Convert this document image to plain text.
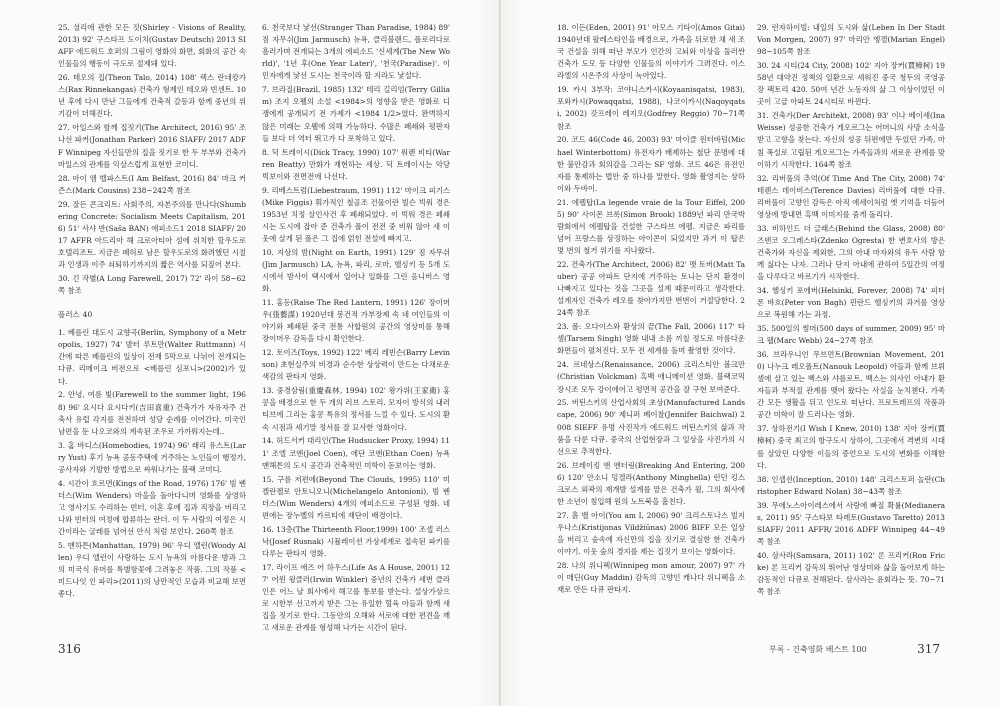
25. 셜리에 관한 모든 것(Shirley - Visions of Reality, 2013) 92' 구스타프 도이치(Gustav Deutsch) 2013 SIAFF 에드워드 호퍼의 그림이 영화의 화면, 회화의 공간 속 인물들의 행동이 극도로 절제돼 있다.

26. 테오의 집(Theon Talo, 2014) 108' 렉스 란네캉가스(Rax Rinnekangas) 건축가 형제인 테오와 빈센트. 10년 후에 다시 만난 그들에게 건축적 갈등과 함께 중년의 위기감이 더해진다.

27. 아일스와 함께 집짓기(The Architect, 2016) 95' 조나선 파커(Jonathan Parker) 2016 SIAFF/ 2017 ADFF Winnipeg 자신들만의 집을 짓기로 한 두 부부와 건축가 마일스의 관계를 익살스럽게 표현한 코미디.

28. 아이 엠 벨파스트(I Am Belfast, 2016) 84' 마크 커즌스(Mark Cousins) 238~242쪽 참조

29. 잘든 콘크리트: 사회주의, 자본주의를 만나다(Shumbering Concrete: Socialism Meets Capitalism, 2016) 51' 사샤 반(Saša BAN) 에피소드1 2018 SIAFF/ 2017 AFFR 아드리아 해 크로아티아 섬에 위치한 할우도로 호텔리조트. 지금은 폐허로 남은 할우도로의 화려했던 시절과 인생과 이주 쇠퇴하기까지의 짧은 역사를 되짚어 본다.

30. 긴 작별(A Long Farewell, 2017) 72' 라이 58~62쪽 참조

플러스 40

1. 베를린 대도시 교향곡(Berlin, Symphony of a Metropolis, 1927) 74' 발터 루트만(Walter Ruttmann) 시간에 따른 베를린의 일상이 전재 5막으로 나뉘어 전개되는 다큐. 리메이크 버전으로 <베를린 심포니>(2002)가 있다.

2. 안녕, 여름 빛(Farewell to the summer light, 1968) 96' 요시다 요시다키(吉田喜重) 건축가가 자유자주 건축사 유럽 각지를 전전하며 성당 순례를 이어간다. 미국인 남편을 둔 나오코와의 계속된 조우로 가까워지는데..

3. 홈 바디스(Homebodies, 1974) 96' 래리 유스트(Larry Yust) 후기 뉴욕 공동주택에 거주하는 노인들이 행정가, 공사자와 기발한 방법으로 싸워나가는 블랙 코미디.

4. 시간이 흐르면(Kings of the Road, 1976) 176' 빔 벤더스(Wim Wenders) 마을을 돌아다니며 영화를 상영하고 영사기도 수리하는 빈터, 이혼 후에 집과 직장을 버리고 나와 빈터의 여정에 합류하는 란더. 이 두 사람의 여정은 시간이라는 굴레를 넘어선 안식 처럼 보인다. 260쪽 참조

5. 맨하튼(Manhattan, 1979) 96' 우디 앨런(Woody Allen) 우디 앨런이 사랑하는 도시 뉴욕의 아름다운 밤과 그의 미국식 유머를 특별함꽃에 그려놓은 작품. 그의 작품 <미드나잇 인 파리>(2011)의 낭만적인 모습과 비교해 보면 좋다.

6. 천국보다 낯선(Stranger Than Paradise, 1984) 89' 짐 자무쉬(Jim Jarmusch) 뉴욕, 클리블랜드, 플로리다로 흘러가며 전개되는 3개의 에피소드 '신세계(The New World)', '1년 후(One Year Later)', '천국(Paradise)'. 이민자에게 낯선 도시는 천국이라 할 지라도 낯설다.

7. 브라질(Brazil, 1985) 132' 테리 길리엄(Terry Gilliam) 조지 오웰의 소설 <1984>의 영향을 받은 영화로 디쟁에게 공개되기 전 가제가 <1984 1/2>였다. 완벽하지 않은 미래는 오웰에 의해 가능하다. 수많은 폐쇄와 평판자들 보다 더 역터 뛰고가 다 포착하고 있다.

8. 딕 트레이시(Dick Tracy, 1990) 107' 워렌 비티(Warren Beatty) 만화가 재현하는 세상. 딕 트레이시는 악당 빅보이와 전면전에 나선다.

9. 리베스트럼(Liebestraum, 1991) 112' 마이크 피기스(Mike Figgis) 휘가적인 철골조 건물이란 빌슨 빅워 경은 1953년 치정 살인사건 후 폐쇄되었다. 이 빅워 경은 페쇄시는 도시에 잡아 준 건축가 폴이 전전 중 비워 않아 새 이웃에 살게 된 폴은 그 집에 얽힌 전설에 빠지고.

10. 지상의 밤(Night on Earth, 1991) 129' 짐 자무쉬(Jim Jarmusch) LA, 뉴욕, 파리, 로마, 헬싱키 등 5개 도시에서 밤사이 택시에서 일어나 일화를 그린 옴니버스 영화.

11. 홍등(Raise The Red Lantern, 1991) 126' 장이머우(張藝謀) 1920년대 봉건적 가부장제 속 네 여인들의 이야기와 폐쇄된 중국 전통 사합원의 공간의 영상미를 통해 장이머우 감독을 다시 확인한다.

12. 토이즈(Toys, 1992) 122' 베리 레빈슨(Barry Levinson) 초현실주의 비경과 순수한 상상력이 만드는 다채로운 색감의 판타지 영화.

13. 중경삼림(重慶森林, 1994) 102' 왕가위(王家衛) 홍콩을 배경으로 한 두 개의 러브 스토리. 모자이 방식의 내러티브에 그리는 홍콩 특유의 정서를 느낄 수 있다. 도시의 환속 시점과 세기말 정서를 잘 묘사한 영화이다.

14. 허드서커 대리인(The Hudsucker Proxy, 1994) 111' 조엘 코엔(Joel Coen), 에단 코엔(Ethan Coen) 뉴욕 맨해튼의 도시 공간과 건축적인 미학이 돋보이는 영화.

15. 구름 저편에(Beyond The Clouds, 1995) 110' 미켈란젤로 안토니오니(Michelangelo Antonioni), 빔 벤더스(Wim Wenders) 4개의 에피소드로 구성된 영화. 네 편에는 장누벨의 카르티에 재단이 배경이다.

16. 13층(The Thirteenth Floor,1999) 100' 조셉 러스낙(Josef Rusnak) 시뮬레이션 가상세계로 접속된 파키를 다루는 판타지 영화.

17. 라이프 애즈 어 하우스(Life As A House, 2001) 127' 어윈 윙클러(Irwin Winkler) 중년의 건축가 세번 클라인은 어느 날 회사에서 해고를 통보를 받는다. 설상가상으로 시한부 선고까지 받은 그는 유일한 혈육 아들과 함께 새 집을 짓기로 한다. 그동안의 오해와 서로에 대한 편견을 깨고 새로운 관계를 형성해 나가는 시간이 된다.

316

18. 이든(Eden, 2001) 91' 아모스 기타이(Amos Gitai) 1940년대 팔레스타인을 배경으로, 가족을 뒤로한 채 새 조국 건설을 위해 떠난 부모가 인간의 고뇌와 이상을 둘러싼 건축가 도모 등 다양한 인물들의 이야기가 그려진다. 이스라엘의 시온주의 사상이 녹아있다.

19. 카시 3부작: 코야니스카시(Koyaanisqatsi, 1983), 포와카시(Powaqqatsi, 1988), 나코이카시(Naqoyqatsi, 2002) 갓프레이 레지오(Godfrey Reggio) 70~71쪽 참조

20. 코드 46(Code 46, 2003) 93' 마이클 윈터바텀(Michael Winterbottom) 유전자가 배제하는 철단 문명에 대한 불안감과 회의감을 그리는 SF 영화. 코드 46은 유전인자를 통제하는 법안 중 하나를 말한다. 영화 촬영지는 상하이와 두바이.

21. 에펠탑(La legende vraie de la Tour Eiffel, 2005) 90' 사이몬 브룩(Simon Brook) 1889년 파리 만국박람회에서 에펠탑을 건설한 구스타브 에펠. 지금은 파리를 넘어 프랑스를 상징하는 아이콘이 되었지만 과거 이 탑은 몇 번의 철거 위기를 지나왔다.

22. 건축가(The Architect, 2006) 82' 맷 토버(Matt Tauber) 공공 아파트 단지에 거주하는 토니는 단지 환경이 나빠지고 있다는 것을 그곳을 설계 때문이라고 생각한다. 설계자인 건축가 레오를 찾아가지만 번번이 거절당한다. 224쪽 참조

23. 폴: 오다이스와 환상의 끝(The Fall, 2006) 117' 타셈(Tarsem Singh) 영화 내내 소름 끼칠 정도로 아름다운 화면들이 펼쳐진다. 모두 전 세계를 돌며 촬영한 것이다.

24. 르네상스(Renaissance, 2006) 크리스티안 볼크만(Christian Volckman) 흑백 애니메이션 영화. 블랙코믹장시조 모두 강이에어고 평면적 공간을 잘 구현 보여준다.

25. 버틴스키의 산업사회의 초상(Manufactured Landscape, 2006) 90' 제니퍼 베이찰(Jennifer Baichwal) 2008 SIEFF 유명 사진작가 에드워드 버틴스키의 삶과 작품을 다룬 다큐. 중국의 산업현장과 그 일상을 사진가의 시선으로 추적한다.

26. 브레이킹 앤 엔터링(Breaking And Entering, 2006) 120' 안소니 밍겔라(Anthony Minghella) 런던 킹스 크로스 외곽의 재개발 설계를 맡은 건축가 윌, 그의 회사에 한 소년이 침입해 원의 노트북을 훔친다.

27. 흙 밸 아이(You am I, 2006) 90' 크리스토나스 빌지우나스(Kristijonas Vildžiūnas) 2006 BIFF 모든 일상을 버리고 숲속에 자신만의 집을 짓기로 결심한 한 건축가이야기. 이웃 숲의 경지를 제는 집짓기 보이는 영화이다.

28. 나의 위니펙(Winnipeg mon amour, 2007) 97' 가이 매딘(Guy Maddin) 감독의 고향인 캐나다 위니펙을 소재로 만든 다큐 판타지.

29. 런자하이빌: 내일의 도시와 삶(Leben In Der Stadt Von Morgen, 2007) 97' 마리안 엥겔(Marian Engel) 98~105쪽 참조

30. 24 시티(24 City, 2008) 102' 지아 장커(賈樟柯) 1958년 대약진 정책의 일환으로 세워진 중국 청두의 국영공장 팩토리 420. 50여 년간 노동자의 삶 그 이상이었던 이곳이 고급 아파트 24시티로 바뀐다.

31. 건축가(Der Architekt, 2008) 93' 이나 베이세(Ina Weisse) 성공한 건축가 게오르그는 어머니의 사망 소식을 받고 고향을 찾는다. 자신의 성공 뒤편에만 두었던 가족, 마침 폭설로 고립된 게오르그는 가족들과의 새로운 관계를 맞이하기 시작한다. 164쪽 참조

32. 리버풀의 추억(Of Time And The City, 2008) 74' 테렌스 데이비스(Terence Davies) 리버풀에 대한 다큐. 리버풀이 고향인 감독은 아직 애세이처럼 옛 기억을 더듬어 영상에 방내면 흑백 이미지를 줌게 돌리다.

33. 비하인드 더 글래스(Behind the Glass, 2008) 80' 즈덴코 오그레스타(Zdenko Ogresta) 한 변호사의 방은 건축가와 자신을 제외한, 그의 아내 마자와의 유두 사람 함께 싫다는 나자. 그러나 단지 아내에 관하여 5일간의 여정을 다루다고 바르기가 시작한다.

34. 헬싱키 포에버(Helsinki, Forever, 2008) 74' 피터 폰 바흐(Peter von Bagh) 핀란드 헬싱키의 과거를 영상으로 복원해 가는 과정.

35. 500일의 썸머(500 days of summer, 2009) 95' 마크 웹(Marc Webb) 24~27쪽 참조

36. 브라우니언 무브먼트(Brownian Movement, 2010) 나누크 레오폴트(Nanouk Leopold) 아들과 함께 브뤼셀에 살고 있는 벡스와 샤를로트. 백스는 의사인 아내가 환자들과 부적절 관계를 맺어 왔다는 사실을 눈치챈다. 가족간 모든 생활을 뒤고 인도로 떠난다. 프로트레프의 작품과 공간 미학이 잘 드러나는 영화.

37. 상하전기(I Wish I Knew, 2010) 138' 지아 장커(賈樟柯) 중국 최고의 항구도시 상하이, 그곳에서 격변의 시대를 살았던 다양한 이들의 증언으로 도시의 변화를 이해한다.

38. 인셉션(Inception, 2010) 148' 크리스토퍼 놀란(Christopher Edward Nolan) 38~43쪽 참조

39. 무에노스아이레스에서 사랑에 빠질 확률(Medianeras, 2011) 95' 구스타보 타레토(Gustavo Taretto) 2013 SIAFF/ 2011 AFFR/ 2016 ADFF Winnipeg 44~49쪽 참조

40. 삼사라(Samsara, 2011) 102' 론 프리커(Ron Fricke) 론 프리커 감독의 뛰어난 영상미와 삶을 돌아보게 하는 감동적인 다큐로 전해된다. 삼사라는 윤회라는 뜻. 70~71쪽 참조

부록 - 건축영화 베스트 100	317
